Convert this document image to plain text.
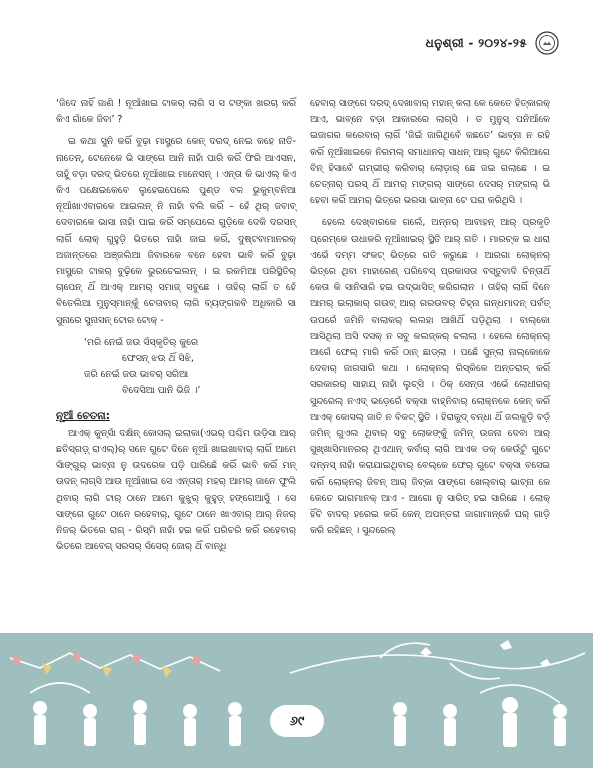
ଧନୁଶ୍ରୀ - ୨୦୨୪-୨୫

‘ଜିଦେ ନାହିଁ ଜାଣି ! ନୂଆଁଖାଇ ଟାକର୍ ଲାଗି ସ ସ ଟଙ୍କା ଖରଚା କରିଁ କିଏ ଗାଁକେ ଜିବା’ ?

ଇ କଥା ସୁନି କରିଁ ବୁଢ଼ା ମାସ୍ଟ୍ରେ କେନ୍ ଦରଦ୍ ନେଇ କହେ ନାତି-ନାତେନ୍, ଟେନେକେ ଭି ସାଙ୍ଗେ ଆନି ନାହାଁ ପାରି କରିଁ ଫିରି ଆଏସନ, ତାହୁଁ ବଡ଼ା ଦରଦ୍ ଭିତରେ ନୂଆଁଖାଇ ମାନେସନ୍ । ଏନ୍ତା କି ଭାଏଲ୍ କିଏ କିଏ ପକ୍ଷେଇକେବେ ଲୁହେଇପେଲେ ପୁଣ୍ଡ ବଳ ଭୁକୁମ୍ବନିଆ ନୂଆଁଖାଏବାରକେ ଆଇଲନ୍ ନି ନାହାଁ ବଲି କରିଁ – ହେଁ ଥିର୍ ଜବାବ୍ ଦେବାରକେ ଭାସା ନାହାଁ ପାଇ କରିଁ ସମ୍ପେଲେ ଗୁଡ଼ିକେ ଦେକି ଦରସନ୍ ଲାଗିଁ ଲୋକ୍ ଗୁହୁଡ଼ି ଭିତରେ ନାହାଁ ଜାଇ କରିଁ, ଦୁଷ୍ଟବାମାନରକ୍ ଅଜାନ୍ତରେ ଅଞ୍ଜଲିଆ ଜିବାରକେ ବନେ ହେବା ଭାବି କରିଁ ବୁଢ଼ା ମାସ୍ଟ୍ରେ ଟାକର୍ ବୁଢ଼ିକେ ଭୁରଚେଇଲନ୍ । ଇ ରକମିଆ ପରିସ୍ଥିତିର୍ ଚାପେନ୍ ଥିଁ ଆଏକ୍ ଆମର୍ ସମାଜ୍ ସବୁଛେ । ତାହିର୍ ଲାଗିଁ ତ ହେଁ ବିତେଲିଆ ମୁନୁସ୍ମାନ୍କୁଁ ଚେତାବାର୍ ଲାଗି ବ୍ୟଙ୍ଗକବି ଅଧିକାରି ସା ସୁନାରେ ସୁନାସନ୍ ଟୋର ଟୋକ୍ -

‘ମରି ନେଇଁ ଜଉ ସଁସ୍କୃତିର୍ କୁରେ
ଫେସନ୍ ଝଉ ଥିଁ ସିଝି,
ଜରି ନେଇଁ ଜଉ ଭାବର୍ ସରିଆ
ବିଦେସିଆ ପାନି ଭିଜି ।’
ନୂଆଁ ଚେତନା:

ଆଏକ୍ କୁନ୍ସାଁ ଦକ୍ଷିନ୍ କୋସଲ୍ ଇଲାକା(ଏଭର୍ ପଶ୍ଚିମ ଉଡ଼ିସା ଆର୍ ଛତିସ୍ଗଡ଼୍ ରାଏଲ୍)ର୍ ସନେ ଗୁଟେ ଦିନେ ନୂଆଁ ଖାଇଖାବାର୍ ଲାଗିଁ ଆମେ ସାଁଙ୍ଗୁର୍ ଭାବ୍ନା ନୁ ଉଦରେକ ପଡ଼ି ପାରିଛେଁ କରିଁ ଭାବି କରିଁ ମନ୍ ଉଦନ୍ ଲାଗ୍ସି ଆଉ ନୂଆଁଖାଇ ସେ ଏନ୍ତାର୍ ମହର୍ ଆମର୍ ଜାନେ ଫୁଲି ଥିବାର୍ ଲାଗି ଟାର୍ ଠାନେ ଆମେ କୁଝୁର୍ କୁହୁଡ଼୍ ହଙ୍ଗେଆସୁଁ । ସେ ସାଙ୍ଗେ ଗୁଟେ ଠାନେ ରହେବାର୍, ଗୁଟେ ଠାନେ ଖାଏବାର୍ ଆର୍ ନିଜର୍ ନିଜର୍ ଭିତରେ ରାଗ୍ - ରିସ୍ମି ନାହାଁ ହଇ କରିଁ ପରିଚରି କରିଁ ରହେବାର୍ ଭିତରେ ଆବେଗ୍ ସରସର୍ ସଁସେର୍ ଜୋର୍ ଥିଁ ବାନ୍ଧି

ହେବାର୍ ସାଙ୍ଗେ ଦରଦ୍ ଦେଖାବାର୍ ମହାନ୍ କଲା କେ କେତେ ହିତ୍କାରକ୍ ଆଏ, ଭାବ୍ନେ ବଡ଼ା ଆକାରରେ ଲାଗ୍ସି । ତ ମୁନୁସ୍ ପନିଆଁକେ ଇଜାଗର କରେବାର୍ ଲାଗିଁ ‘ଜିଇଁ ଜାଗିଥିବେଁ କଛତେ’ ଭାବ୍ନା ନ ରହି କରିଁ ନୂଆଁଖାଇକେ ନିରମଲ୍ ସମାଧାନର୍ ସାଧନ୍ ଆର୍ ଗୁଟେ କିରିଆଗେ ବିନ୍ ହିସାବେଁ ଗମ୍ଭୀର୍ କରିବାର୍ ଲୋଡ଼ାର୍ ଛେ ଜଇ ଗଲାଛେ । ଇ ଚେତ୍ନାର୍ ପରସ୍ ଥିଁ ଆମର୍ ମଙ୍ଗଲ୍ ସାଙ୍ଗେ ଦେସର୍ ମଙ୍ଗଲ୍ ଭି ହେବା କରିଁ ଆମର୍ ଭିତ୍ରେ ଭରସା ଭାବ୍ନା ଟେ ଘରା କରିଥିସି ।

ହେଲେ ଦେଖ୍ବାରକେ ଗଲେଁ, ଅନ୍ନର୍ ଆବାହନ୍ ଆର୍ ପ୍ରକୃତି ପ୍ରେମ୍କେ ଉଧାକରି ନୂଆଁଖାଇର୍ ସ୍ଥିତି ଆର୍ ଗତି । ମାରଚ୍କ ଇ ଧାରା ଏଭେଁ ଦମ୍ମ ସଂକଟ୍ ଭିତ୍ରେ ଗତି କରୁଛେ । ଆରଗା ଲୋକ୍ନର୍ ଭିତ୍ରେ ଥିବା ମାହାରେଣ୍ ପରିବେସ୍ ପ୍ରକାସତା ବସ୍ତୁବାଦି ଚିନ୍ତାଥିଁ କେତା କି ସାନିସାରି ହଇ ଉଦ୍ଭାସିତ୍ କରିଗଲାନ । ତାହିର୍ ଲାଗିଁ ଦିନେ ଆମର୍ ଇଲାକାର୍ ଗଉବ୍ ଆର୍ ଗରଉବର୍ ଚିହ୍ନା ଗନ୍ଧମାଦନ୍ ପର୍ବତ୍ ଉପରେଁ ଜମିନି ବାଲାକର୍ ଲଲହା ଆଖିଥିଁ ପଡ଼ିଥିଲା । ବାଲ୍କୋ ଆସିଥିଲା ଅସି ଦସକ୍ ନ ସବୁ କଲଜ୍କର୍ ଚଲାଲା । ହେଲେ ଲୋକ୍ନର୍ ଆଗେଁ ଫେଲ୍ ମାରି କରିଁ ଠାନ୍ ଛାଡ୍ଲା । ପଛେଁ ସୁନ୍ଲା ନାଲ୍କୋକେ ଦେବାର୍ ଜାଗସାରି କଥା । ଲୋକ୍ନର୍ ରିସ୍କିକେ ଅନ୍ତରାଳ୍ କରିଁ ସରକାରର୍ ସାହାଯ୍ ନାହାଁ ଲୁଚ୍ସି । ଠିକ୍ ସେନ୍ତା ଏଭେଁ ଲୋଧୀରର୍ ସୁନ୍ଦରେଲ୍ ନଏଦ୍ ଭଡ଼େରେଁ ବକ୍ସା ବାହ୍ନିବାର୍ ଲୋକ୍ନକେ କେନ୍ କରିଁ ଆଏକ୍ କୋସଲ୍ ଜାତି ନ ବିକଟ୍ ସ୍ଥିତି । ହିରାକୁଦ୍ ବନ୍ଧା ଥିଁ ଜଲକୁଡ଼ି ବଡ଼ଁ ଜମିନ୍ ଗୁଏଲ ଥିବାର୍ ସବୁ ଲୋକଙ୍କୁଁ ଜମିନ୍ ଉଜନା ଦେବା ଆର୍ ସୁଖ୍ଖାସିମାନରର୍ ଥିଏଥାନ୍ କର୍ବାର୍ ଲାଗି ଆଏକ ଡକ୍ କେଉଁଟୁଁ ଗୁଟେ ଦନ୍ନସ୍ ନାହାଁ କରାଯାଇଥିବାର୍ ବେଲ୍କେ ଫେର୍ ଗୁଟେ ବକ୍ସା ବସେଇ କରିଁ ଲୋକ୍ନର୍ ଜିବନ୍ ଆର୍ ଜିବ୍କା ସାଙ୍ଗେ ଖେଲ୍ବାର୍ ଭାବ୍ନା କେ କେତେ ଭାଗମାନକ୍ ଆଏ - ଆଗୋ ନୁ ସାରିତ୍ ହଇ ସାରିଛେ । ଲୋକ୍ ହିଁଚି ବାଦର୍ ହରେଇ କରିଁ କେନ୍ ଅପନ୍ତରା ଜାଗାମାନ୍କେଁ ଘର୍ ଗାଡ଼ି କରି ରହିଛନ୍ । ସୁନ୍ଦରେଲ୍

୬୯
